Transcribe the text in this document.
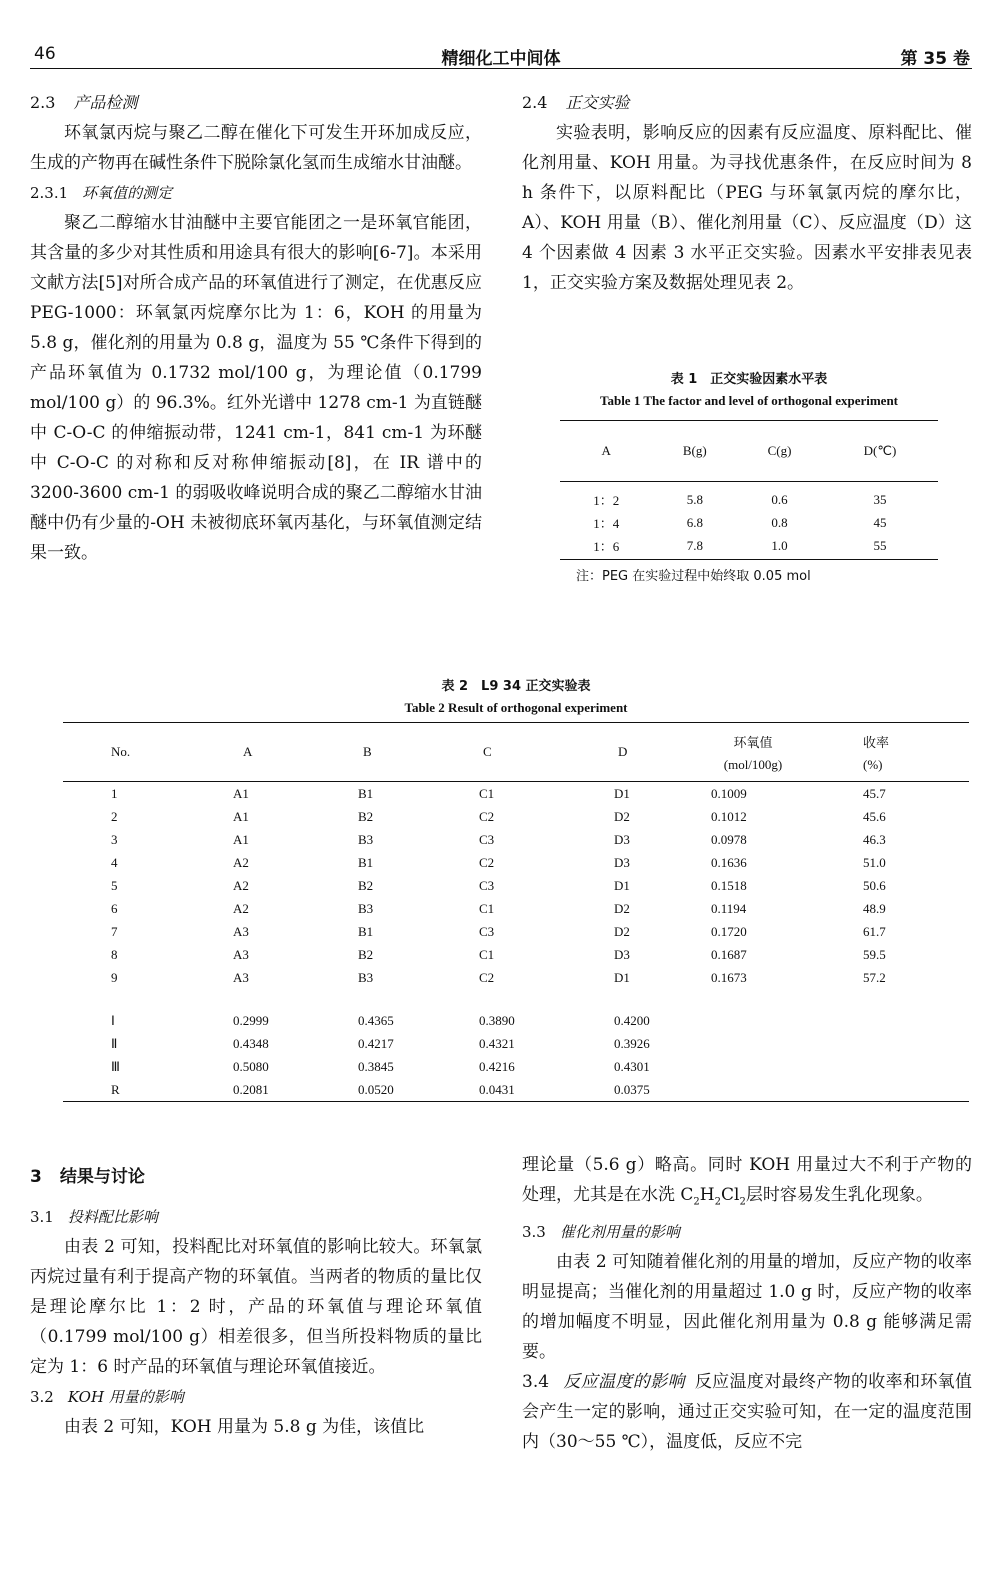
46	精细化工中间体	第 35 卷
2.3 产品检测

环氧氯丙烷与聚乙二醇在催化下可发生开环加成反应，生成的产物再在碱性条件下脱除氯化氢而生成缩水甘油醚。

2.3.1 环氧值的测定

聚乙二醇缩水甘油醚中主要官能团之一是环氧官能团，其含量的多少对其性质和用途具有很大的影响[6-7]。本采用文献方法[5]对所合成产品的环氧值进行了测定，在优惠反应 PEG-1000：环氧氯丙烷摩尔比为 1：6，KOH 的用量为 5.8 g，催化剂的用量为 0.8 g，温度为 55 ℃条件下得到的产品环氧值为 0.1732 mol/100 g，为理论值（0.1799 mol/100 g）的 96.3%。红外光谱中 1278 cm-1 为直链醚中 C-O-C 的伸缩振动带，1241 cm-1，841 cm-1 为环醚中 C-O-C 的对称和反对称伸缩振动[8]，在 IR 谱中的 3200-3600 cm-1 的弱吸收峰说明合成的聚乙二醇缩水甘油醚中仍有少量的-OH 未被彻底环氧丙基化，与环氧值测定结果一致。

2.4 正交实验

实验表明，影响反应的因素有反应温度、原料配比、催化剂用量、KOH 用量。为寻找优惠条件，在反应时间为 8 h 条件下，以原料配比（PEG 与环氧氯丙烷的摩尔比，A）、KOH 用量（B）、催化剂用量（C）、反应温度（D）这 4 个因素做 4 因素 3 水平正交实验。因素水平安排表见表 1，正交实验方案及数据处理见表 2。

表 1　正交实验因素水平表
Table 1 The factor and level of orthogonal experiment
A	B(g)	C(g)	D(℃)
1：2	5.8	0.6	35
1：4	6.8	0.8	45
1：6	7.8	1.0	55
注：PEG 在实验过程中始终取 0.05 mol
表 2　L9 34 正交实验表
Table 2 Result of orthogonal experiment
No.	A	B	C	D	环氧值
(mol/100g)	收率
(%)

1	A1	B1	C1	D1	0.1009	45.7
2	A1	B2	C2	D2	0.1012	45.6
3	A1	B3	C3	D3	0.0978	46.3
4	A2	B1	C2	D3	0.1636	51.0
5	A2	B2	C3	D1	0.1518	50.6
6	A2	B3	C1	D2	0.1194	48.9
7	A3	B1	C3	D2	0.1720	61.7
8	A3	B2	C1	D3	0.1687	59.5
9	A3	B3	C2	D1	0.1673	57.2

Ⅰ	0.2999	0.4365	0.3890	0.4200		
Ⅱ	0.4348	0.4217	0.4321	0.3926		
Ⅲ	0.5080	0.3845	0.4216	0.4301		
R	0.2081	0.0520	0.0431	0.0375		
3 结果与讨论
3.1 投料配比影响

由表 2 可知，投料配比对环氧值的影响比较大。环氧氯丙烷过量有利于提高产物的环氧值。当两者的物质的量比仅是理论摩尔比 1：2 时，产品的环氧值与理论环氧值（0.1799 mol/100 g）相差很多，但当所投料物质的量比定为 1：6 时产品的环氧值与理论环氧值接近。

3.2 KOH 用量的影响

由表 2 可知，KOH 用量为 5.8 g 为佳，该值比

理论量（5.6 g）略高。同时 KOH 用量过大不利于产物的处理，尤其是在水洗 $C_2H_2Cl_2$层时容易发生乳化现象。

3.3 催化剂用量的影响

由表 2 可知随着催化剂的用量的增加，反应产物的收率明显提高；当催化剂的用量超过 1.0 g 时，反应产物的收率的增加幅度不明显，因此催化剂用量为 0.8 g 能够满足需要。

3.4 反应温度的影响 反应温度对最终产物的收率和环氧值会产生一定的影响，通过正交实验可知，在一定的温度范围内（30～55 ℃），温度低，反应不完
